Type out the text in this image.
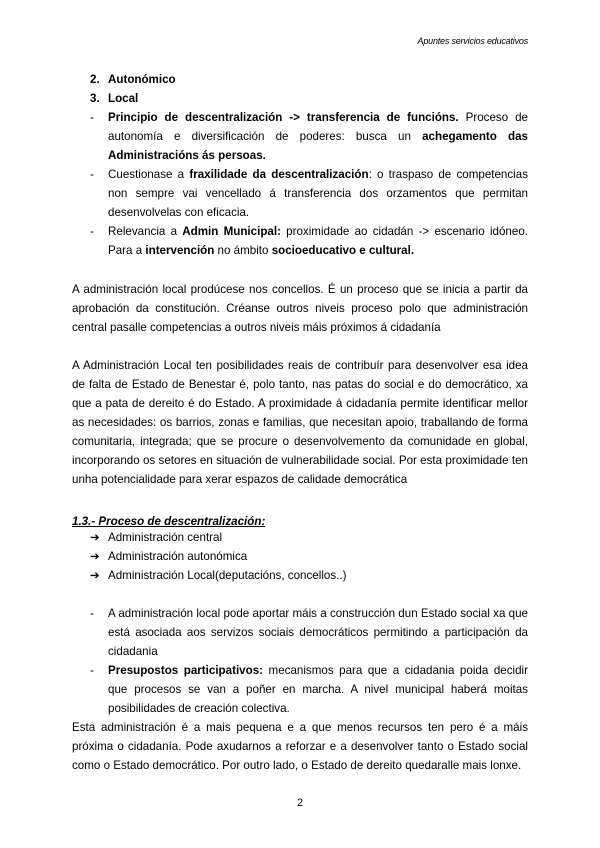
Apuntes servicios educativos
2. Autonómico
3. Local
- Principio de descentralización -> transferencia de funcións. Proceso de autonomía e diversificación de poderes: busca un achegamento das Administracións ás persoas.
- Cuestionase a fraxilidade da descentralización: o traspaso de competencias non sempre vai vencellado á transferencia dos orzamentos que permitan desenvolvelas con eficacia.
- Relevancia a Admin Municipal: proximidade ao cidadán -> escenario idóneo. Para a intervención no ámbito socioeducativo e cultural.
A administración local prodúcese nos concellos. É un proceso que se inicia a partir da aprobación da constitución. Créanse outros niveis proceso polo que administración central pasalle competencias a outros niveis máis próximos á cidadanía
A Administración Local ten posibilidades reais de contribuír para desenvolver esa idea de falta de Estado de Benestar é, polo tanto, nas patas do social e do democrático, xa que a pata de dereito é do Estado. A proximidade á cidadanía permite identificar mellor as necesidades: os barrios, zonas e familias, que necesitan apoio, traballando de forma comunitaria, integrada; que se procure o desenvolvemento da comunidade en global, incorporando os setores en situación de vulnerabilidade social. Por esta proximidade ten unha potencialidade para xerar espazos de calidade democrática
1.3.- Proceso de descentralización:
➔ Administración central
➔ Administración autonómica
➔ Administración Local(deputacións, concellos..)
- A administración local pode aportar máis a construcción dun Estado social xa que está asociada aos servizos sociais democráticos permitindo a participación da cidadania
- Presupostos participativos: mecanismos para que a cidadania poida decidir que procesos se van a poñer en marcha. A nivel municipal haberá moitas posibilidades de creación colectiva.
Esta administración é a mais pequena e a que menos recursos ten pero é a máis próxima o cidadanía. Pode axudarnos a reforzar e a desenvolver tanto o Estado social como o Estado democrático. Por outro lado, o Estado de dereito quedaralle mais lonxe.
2
